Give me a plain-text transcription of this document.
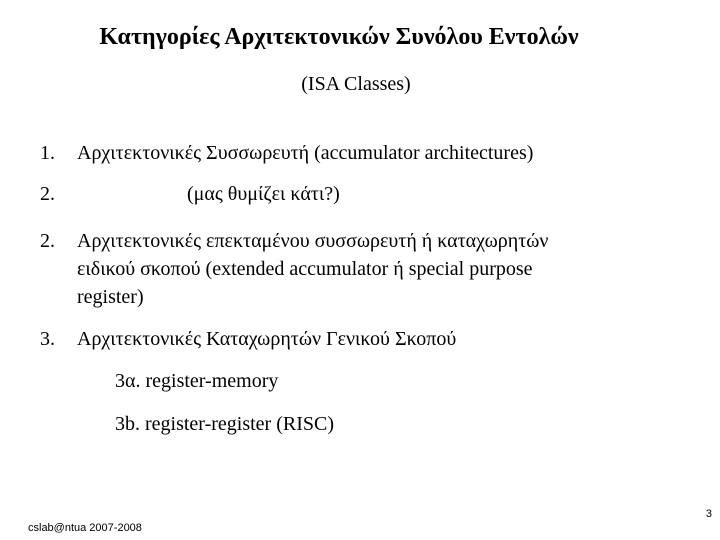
Κατηγορίες Αρχιτεκτονικών Συνόλου Εντολών
(ISA Classes)
1. Αρχιτεκτονικές Συσσωρευτή (accumulator architectures)
2.	(μας θυμίζει κάτι?)
2. Αρχιτεκτονικές επεκταμένου συσσωρευτή ή καταχωρητών
ειδικού σκοπού (extended accumulator ή special purpose
register)
3. Αρχιτεκτονικές Καταχωρητών Γενικού Σκοπού
3α. register-memory
3b. register-register (RISC)
cslab@ntua 2007-2008
3
